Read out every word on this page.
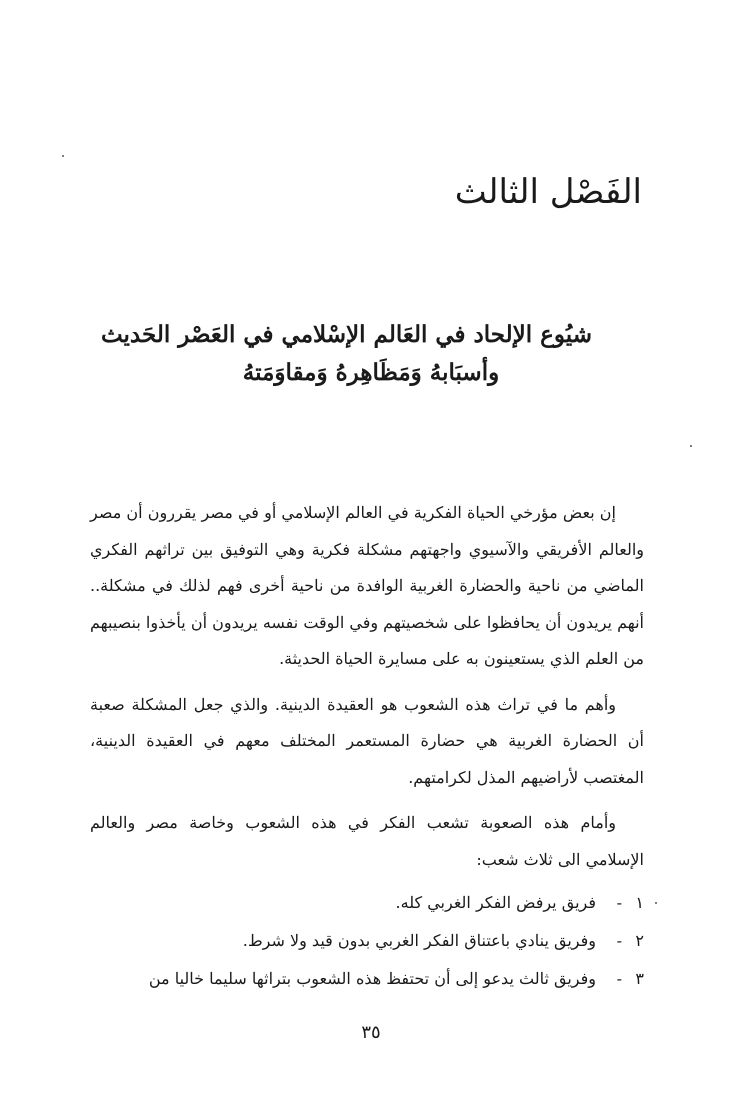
الفَصْل الثالث
شيُوع الإلحاد في العَالم الإسْلامي في العَصْر الحَديث
وأسبَابهُ وَمَظَاهِرهُ وَمقاوَمَتهُ

إن بعض مؤرخي الحياة الفكرية في العالم الإسلامي أو في مصر يقررون أن مصر والعالم الأفريقي والآسيوي واجهتهم مشكلة فكرية وهي التوفيق بين تراثهم الفكري الماضي من ناحية والحضارة الغربية الوافدة من ناحية أخرى فهم لذلك في مشكلة.. أنهم يريدون أن يحافظوا على شخصيتهم وفي الوقت نفسه يريدون أن يأخذوا بنصيبهم من العلم الذي يستعينون به على مسايرة الحياة الحديثة.

وأهم ما في تراث هذه الشعوب هو العقيدة الدينية. والذي جعل المشكلة صعبة أن الحضارة الغربية هي حضارة المستعمر المختلف معهم في العقيدة الدينية، المغتصب لأراضيهم المذل لكرامتهم.

وأمام هذه الصعوبة تشعب الفكر في هذه الشعوب وخاصة مصر والعالم الإسلامي الى ثلاث شعب:

١
-
فريق يرفض الفكر الغربي كله.
٢
-
وفريق ينادي باعتناق الفكر الغربي بدون قيد ولا شرط.
٣
-
وفريق ثالث يدعو إلى أن تحتفظ هذه الشعوب بتراثها سليما خاليا من
٣٥
